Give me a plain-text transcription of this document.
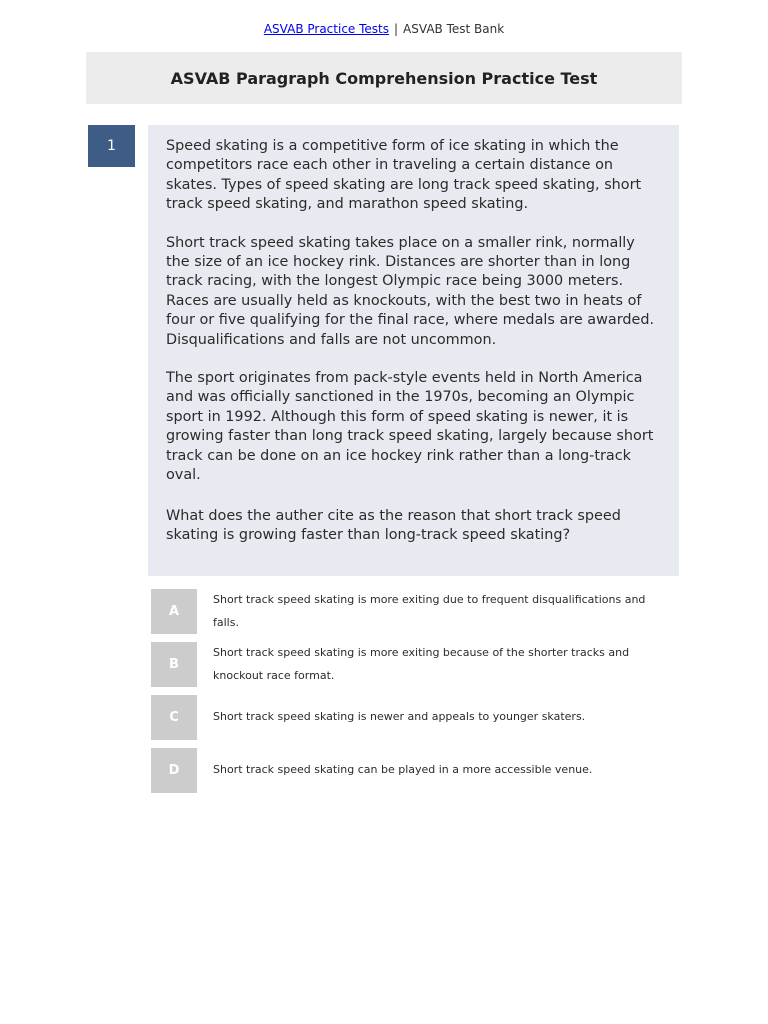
ASVAB Practice Tests | ASVAB Test Bank
ASVAB Paragraph Comprehension Practice Test
1	Speed skating is a competitive form of ice skating in which the competitors race each other in traveling a certain distance on skates. Types of speed skating are long track speed skating, short track speed skating, and marathon speed skating.

Short track speed skating takes place on a smaller rink, normally the size of an ice hockey rink. Distances are shorter than in long track racing, with the longest Olympic race being 3000 meters. Races are usually held as knockouts, with the best two in heats of four or five qualifying for the final race, where medals are awarded. Disqualifications and falls are not uncommon.

The sport originates from pack-style events held in North America and was officially sanctioned in the 1970s, becoming an Olympic sport in 1992. Although this form of speed skating is newer, it is growing faster than long track speed skating, largely because short track can be done on an ice hockey rink rather than a long-track oval.

What does the auther cite as the reason that short track speed skating is growing faster than long-track speed skating?

A
Short track speed skating is more exiting due to frequent disqualifications and falls.
B
Short track speed skating is more exiting because of the shorter tracks and knockout race format.
C	Short track speed skating is newer and appeals to younger skaters.
D	Short track speed skating can be played in a more accessible venue.
